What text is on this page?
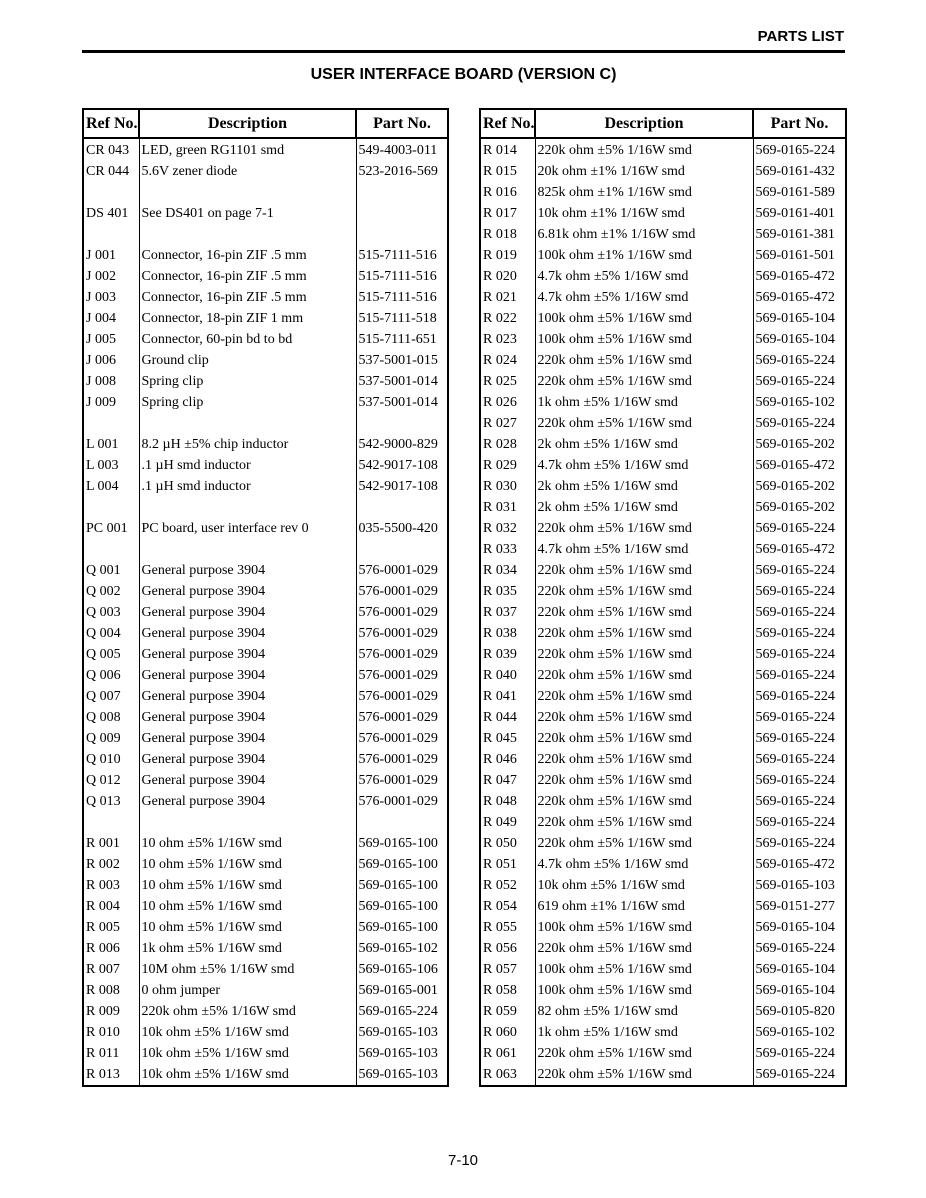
PARTS LIST
USER INTERFACE BOARD (VERSION C)
Ref No.	Description	Part No.
CR 043	LED, green RG1101 smd	549-4003-011
CR 044	5.6V zener diode	523-2016-569

DS 401	See DS401 on page 7-1	

J 001	Connector, 16-pin ZIF .5 mm	515-7111-516
J 002	Connector, 16-pin ZIF .5 mm	515-7111-516
J 003	Connector, 16-pin ZIF .5 mm	515-7111-516
J 004	Connector, 18-pin ZIF 1 mm	515-7111-518
J 005	Connector, 60-pin bd to bd	515-7111-651
J 006	Ground clip	537-5001-015
J 008	Spring clip	537-5001-014
J 009	Spring clip	537-5001-014

L 001	8.2 µH ±5% chip inductor	542-9000-829
L 003	.1 µH smd inductor	542-9017-108
L 004	.1 µH smd inductor	542-9017-108

PC 001	PC board, user interface rev 0	035-5500-420

Q 001	General purpose 3904	576-0001-029
Q 002	General purpose 3904	576-0001-029
Q 003	General purpose 3904	576-0001-029
Q 004	General purpose 3904	576-0001-029
Q 005	General purpose 3904	576-0001-029
Q 006	General purpose 3904	576-0001-029
Q 007	General purpose 3904	576-0001-029
Q 008	General purpose 3904	576-0001-029
Q 009	General purpose 3904	576-0001-029
Q 010	General purpose 3904	576-0001-029
Q 012	General purpose 3904	576-0001-029
Q 013	General purpose 3904	576-0001-029

R 001	10 ohm ±5% 1/16W smd	569-0165-100
R 002	10 ohm ±5% 1/16W smd	569-0165-100
R 003	10 ohm ±5% 1/16W smd	569-0165-100
R 004	10 ohm ±5% 1/16W smd	569-0165-100
R 005	10 ohm ±5% 1/16W smd	569-0165-100
R 006	1k ohm ±5% 1/16W smd	569-0165-102
R 007	10M ohm ±5% 1/16W smd	569-0165-106
R 008	0 ohm jumper	569-0165-001
R 009	220k ohm ±5% 1/16W smd	569-0165-224
R 010	10k ohm ±5% 1/16W smd	569-0165-103
R 011	10k ohm ±5% 1/16W smd	569-0165-103
R 013	10k ohm ±5% 1/16W smd	569-0165-103
Ref No.	Description	Part No.
R 014	220k ohm ±5% 1/16W smd	569-0165-224
R 015	20k ohm ±1% 1/16W smd	569-0161-432
R 016	825k ohm ±1% 1/16W smd	569-0161-589
R 017	10k ohm ±1% 1/16W smd	569-0161-401
R 018	6.81k ohm ±1% 1/16W smd	569-0161-381
R 019	100k ohm ±1% 1/16W smd	569-0161-501
R 020	4.7k ohm ±5% 1/16W smd	569-0165-472
R 021	4.7k ohm ±5% 1/16W smd	569-0165-472
R 022	100k ohm ±5% 1/16W smd	569-0165-104
R 023	100k ohm ±5% 1/16W smd	569-0165-104
R 024	220k ohm ±5% 1/16W smd	569-0165-224
R 025	220k ohm ±5% 1/16W smd	569-0165-224
R 026	1k ohm ±5% 1/16W smd	569-0165-102
R 027	220k ohm ±5% 1/16W smd	569-0165-224
R 028	2k ohm ±5% 1/16W smd	569-0165-202
R 029	4.7k ohm ±5% 1/16W smd	569-0165-472
R 030	2k ohm ±5% 1/16W smd	569-0165-202
R 031	2k ohm ±5% 1/16W smd	569-0165-202
R 032	220k ohm ±5% 1/16W smd	569-0165-224
R 033	4.7k ohm ±5% 1/16W smd	569-0165-472
R 034	220k ohm ±5% 1/16W smd	569-0165-224
R 035	220k ohm ±5% 1/16W smd	569-0165-224
R 037	220k ohm ±5% 1/16W smd	569-0165-224
R 038	220k ohm ±5% 1/16W smd	569-0165-224
R 039	220k ohm ±5% 1/16W smd	569-0165-224
R 040	220k ohm ±5% 1/16W smd	569-0165-224
R 041	220k ohm ±5% 1/16W smd	569-0165-224
R 044	220k ohm ±5% 1/16W smd	569-0165-224
R 045	220k ohm ±5% 1/16W smd	569-0165-224
R 046	220k ohm ±5% 1/16W smd	569-0165-224
R 047	220k ohm ±5% 1/16W smd	569-0165-224
R 048	220k ohm ±5% 1/16W smd	569-0165-224
R 049	220k ohm ±5% 1/16W smd	569-0165-224
R 050	220k ohm ±5% 1/16W smd	569-0165-224
R 051	4.7k ohm ±5% 1/16W smd	569-0165-472
R 052	10k ohm ±5% 1/16W smd	569-0165-103
R 054	619 ohm ±1% 1/16W smd	569-0151-277
R 055	100k ohm ±5% 1/16W smd	569-0165-104
R 056	220k ohm ±5% 1/16W smd	569-0165-224
R 057	100k ohm ±5% 1/16W smd	569-0165-104
R 058	100k ohm ±5% 1/16W smd	569-0165-104
R 059	82 ohm ±5% 1/16W smd	569-0105-820
R 060	1k ohm ±5% 1/16W smd	569-0165-102
R 061	220k ohm ±5% 1/16W smd	569-0165-224
R 063	220k ohm ±5% 1/16W smd	569-0165-224
7-10
